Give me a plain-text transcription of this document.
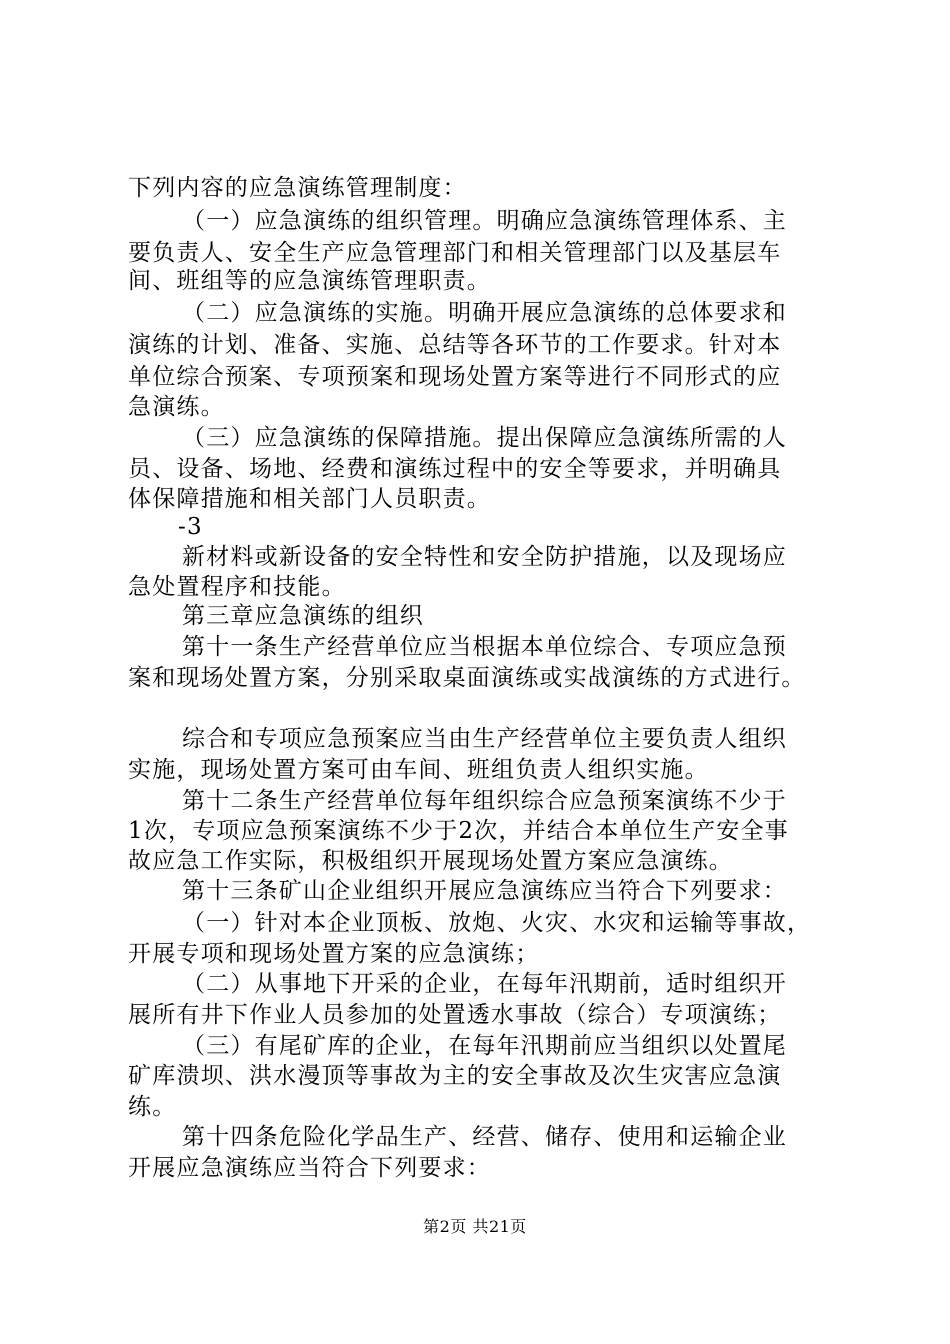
下列内容的应急演练管理制度：
（一）应急演练的组织管理。明确应急演练管理体系、主
要负责人、安全生产应急管理部门和相关管理部门以及基层车
间、班组等的应急演练管理职责。
（二）应急演练的实施。明确开展应急演练的总体要求和
演练的计划、准备、实施、总结等各环节的工作要求。针对本
单位综合预案、专项预案和现场处置方案等进行不同形式的应
急演练。
（三）应急演练的保障措施。提出保障应急演练所需的人
员、设备、场地、经费和演练过程中的安全等要求，并明确具
体保障措施和相关部门人员职责。
-3
新材料或新设备的安全特性和安全防护措施，以及现场应
急处置程序和技能。
第三章应急演练的组织
第十一条生产经营单位应当根据本单位综合、专项应急预
案和现场处置方案，分别采取桌面演练或实战演练的方式进行。
综合和专项应急预案应当由生产经营单位主要负责人组织
实施，现场处置方案可由车间、班组负责人组织实施。
第十二条生产经营单位每年组织综合应急预案演练不少于
1次，专项应急预案演练不少于2次，并结合本单位生产安全事
故应急工作实际，积极组织开展现场处置方案应急演练。
第十三条矿山企业组织开展应急演练应当符合下列要求：
（一）针对本企业顶板、放炮、火灾、水灾和运输等事故，
开展专项和现场处置方案的应急演练；
（二）从事地下开采的企业，在每年汛期前，适时组织开
展所有井下作业人员参加的处置透水事故（综合）专项演练；
（三）有尾矿库的企业，在每年汛期前应当组织以处置尾
矿库溃坝、洪水漫顶等事故为主的安全事故及次生灾害应急演
练。
第十四条危险化学品生产、经营、储存、使用和运输企业
开展应急演练应当符合下列要求：
第2页 共21页
